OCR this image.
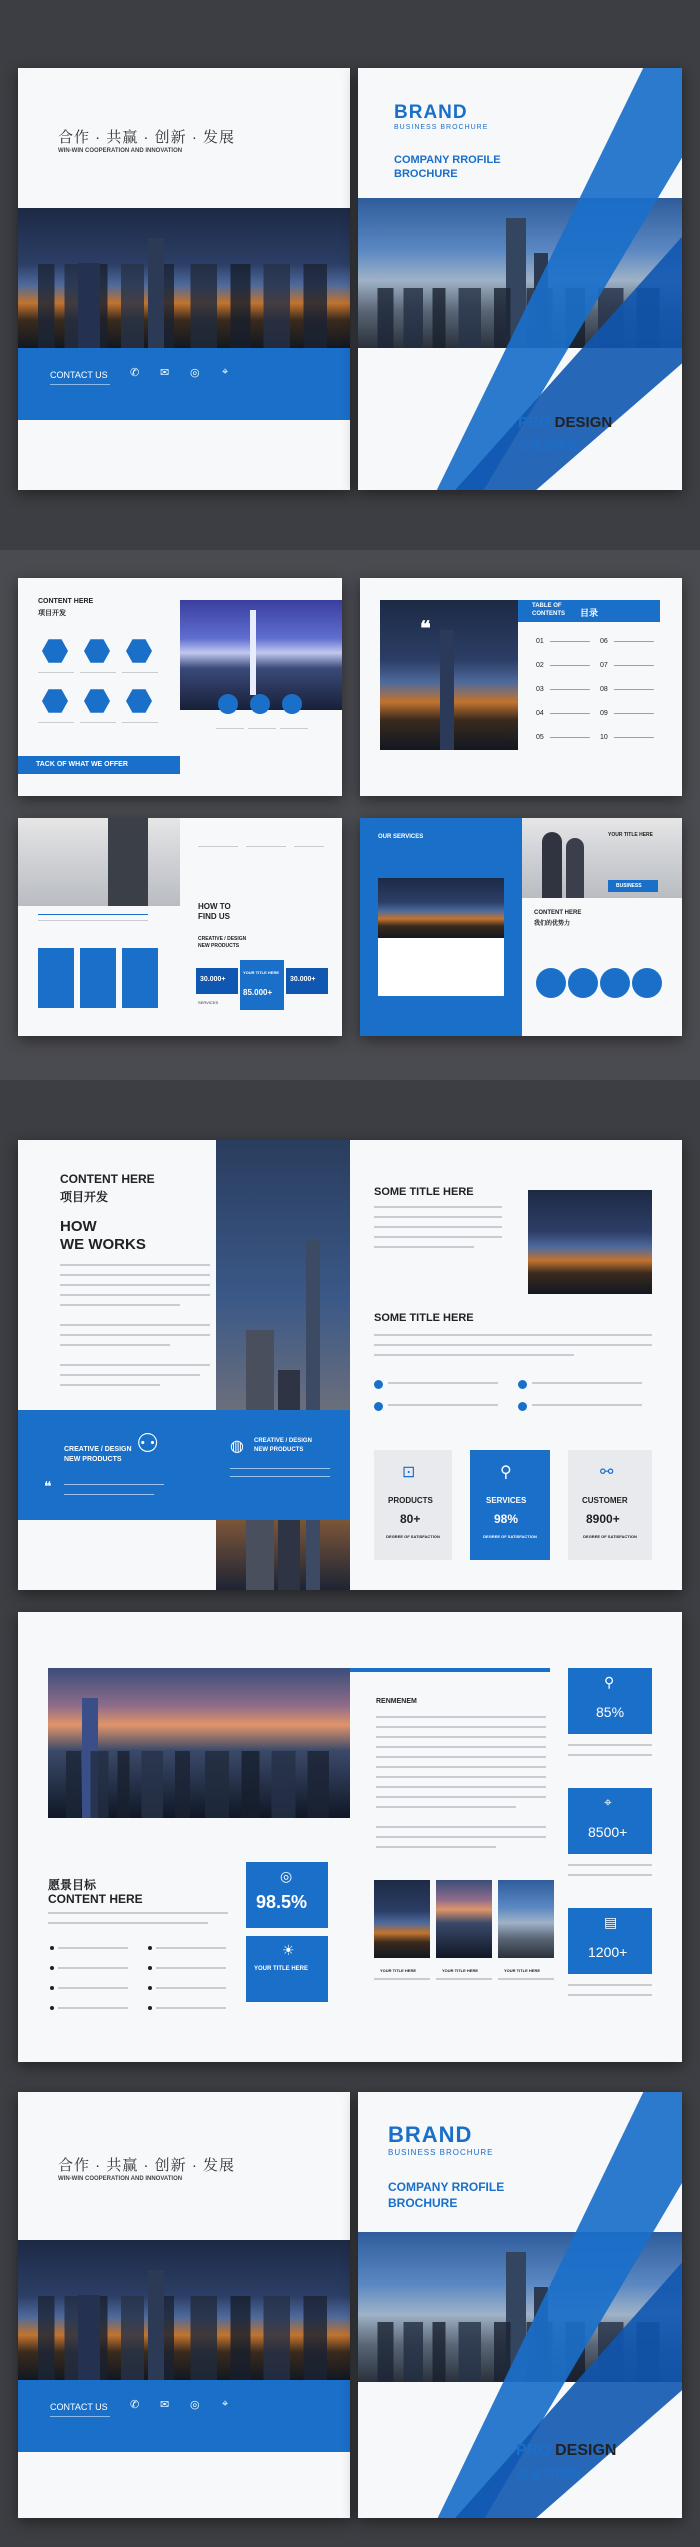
合作 · 共赢 · 创新 · 发展
WIN-WIN COOPERATION AND INNOVATION
CONTACT US ✆ ✉ ◎ ⌖
BRAND
BUSINESS BROCHURE
COMPANY RROFILE
BROCHURE
PRO DESIGN
企业宣传册
CONTENT HERE
项目开发
TACK OF WHAT WE OFFER
❝
TABLE OF
CONTENTS 目录
01
02
03
04
05
06
07
08
09
10
HOW TO
FIND US
CREATIVE / DESIGN
NEW PRODUCTS
30.000+
YOUR TITLE HERE
85.000+
30.000+
SERVICES
OUR SERVICES	YOUR TITLE HERE
BUSINESS
CONTENT HERE
我们的优势力
CONTENT HERE
项目开发
HOW
WE WORKS
CREATIVE / DESIGN
NEW PRODUCTS
⚇
❝
◍ CREATIVE / DESIGN
NEW PRODUCTS
SOME TITLE HERE
SOME TITLE HERE
⊡
PRODUCTS
80+
DEGREE OF SATISFACTION
⚲
SERVICES
98%
DEGREE OF SATISFACTION
⚯
CUSTOMER
8900+
DEGREE OF SATISFACTION
愿景目标
CONTENT HERE
◎
98.5%
☀
YOUR TITLE HERE
RENMENEM
YOUR TITLE HERE	YOUR TITLE HERE	YOUR TITLE HERE
⚲
85%
⌖
8500+
▤
1200+
合作 · 共赢 · 创新 · 发展
WIN-WIN COOPERATION AND INNOVATION
CONTACT US ✆ ✉ ◎ ⌖
BRAND
BUSINESS BROCHURE
COMPANY RROFILE
BROCHURE
PRO DESIGN
企业宣传册
